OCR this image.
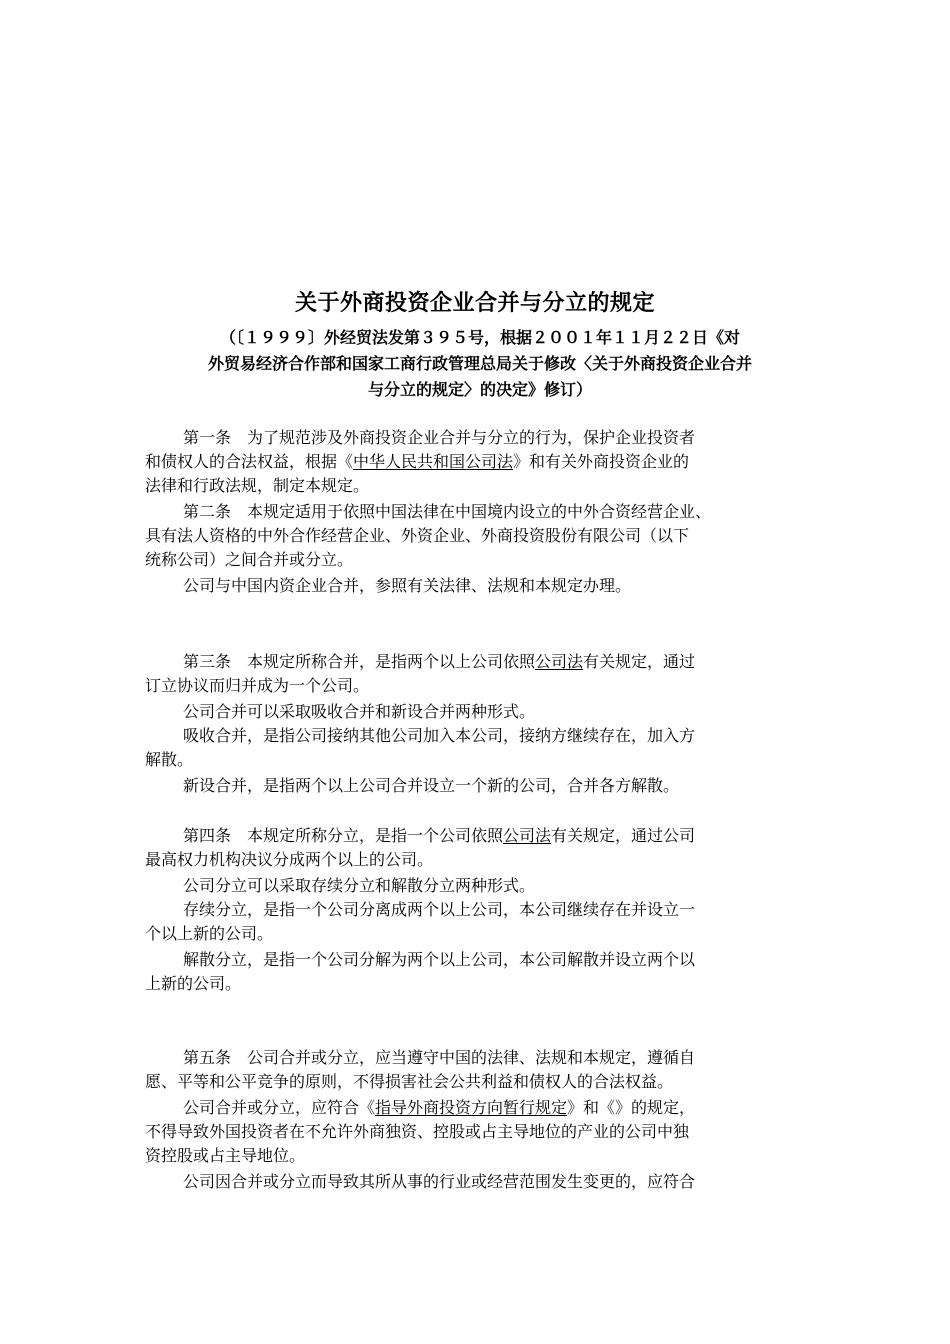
关于外商投资企业合并与分立的规定
（〔１９９９〕外经贸法发第３９５号，根据２００１年１１月２２日《对
外贸易经济合作部和国家工商行政管理总局关于修改〈关于外商投资企业合并
与分立的规定〉的决定》修订）
第一条　为了规范涉及外商投资企业合并与分立的行为，保护企业投资者
和债权人的合法权益，根据《中华人民共和国公司法》和有关外商投资企业的
法律和行政法规，制定本规定。
第二条　本规定适用于依照中国法律在中国境内设立的中外合资经营企业、
具有法人资格的中外合作经营企业、外资企业、外商投资股份有限公司（以下
统称公司）之间合并或分立。
公司与中国内资企业合并，参照有关法律、法规和本规定办理。
第三条　本规定所称合并，是指两个以上公司依照公司法有关规定，通过
订立协议而归并成为一个公司。
公司合并可以采取吸收合并和新设合并两种形式。
吸收合并，是指公司接纳其他公司加入本公司，接纳方继续存在，加入方
解散。
新设合并，是指两个以上公司合并设立一个新的公司，合并各方解散。
第四条　本规定所称分立，是指一个公司依照公司法有关规定，通过公司
最高权力机构决议分成两个以上的公司。
公司分立可以采取存续分立和解散分立两种形式。
存续分立，是指一个公司分离成两个以上公司，本公司继续存在并设立一
个以上新的公司。
解散分立，是指一个公司分解为两个以上公司，本公司解散并设立两个以
上新的公司。
第五条　公司合并或分立，应当遵守中国的法律、法规和本规定，遵循自
愿、平等和公平竞争的原则，不得损害社会公共利益和债权人的合法权益。
公司合并或分立，应符合《指导外商投资方向暂行规定》和《》的规定，
不得导致外国投资者在不允许外商独资、控股或占主导地位的产业的公司中独
资控股或占主导地位。
公司因合并或分立而导致其所从事的行业或经营范围发生变更的，应符合
